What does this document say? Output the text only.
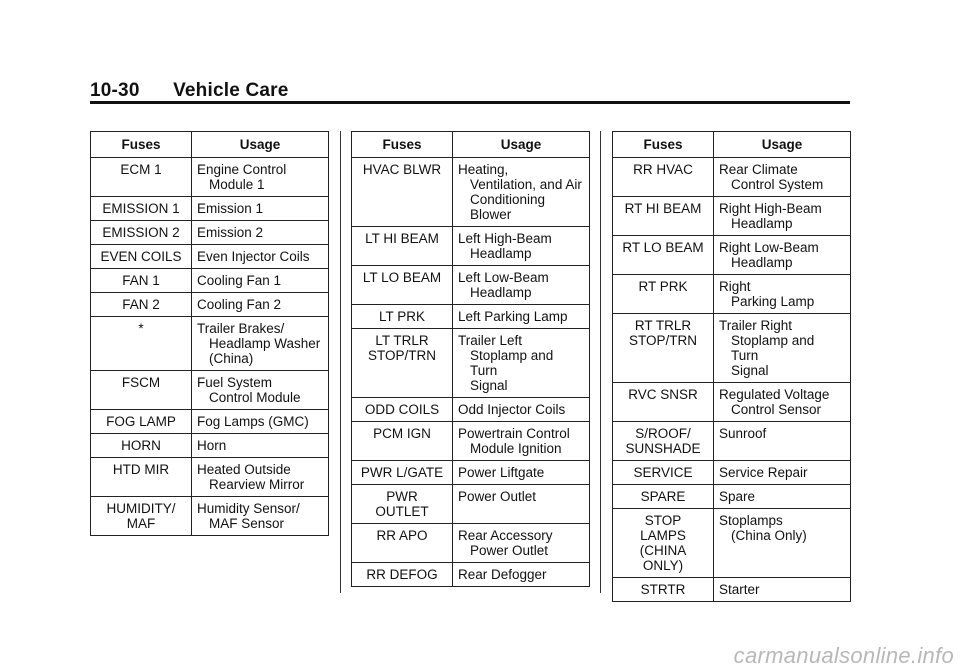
10-30 Vehicle Care
Fuses	Usage

ECM 1	Engine Control
Module 1

EMISSION 1	Emission 1

EMISSION 2	Emission 2

EVEN COILS	Even Injector Coils

FAN 1	Cooling Fan 1

FAN 2	Cooling Fan 2

*	Trailer Brakes/
Headlamp Washer
(China)

FSCM	Fuel System
Control Module

FOG LAMP	Fog Lamps (GMC)

HORN	Horn

HTD MIR	Heated Outside
Rearview Mirror

HUMIDITY/
MAF	Humidity Sensor/
MAF Sensor
Fuses	Usage

HVAC BLWR	Heating,
Ventilation, and Air
Conditioning
Blower

LT HI BEAM	Left High-Beam
Headlamp

LT LO BEAM	Left Low-Beam
Headlamp

LT PRK	Left Parking Lamp

LT TRLR
STOP/TRN	Trailer Left
Stoplamp and Turn
Signal

ODD COILS	Odd Injector Coils

PCM IGN	Powertrain Control
Module Ignition

PWR L/GATE	Power Liftgate

PWR
OUTLET	Power Outlet

RR APO	Rear Accessory
Power Outlet

RR DEFOG	Rear Defogger
Fuses	Usage

RR HVAC	Rear Climate
Control System

RT HI BEAM	Right High-Beam
Headlamp

RT LO BEAM	Right Low-Beam
Headlamp

RT PRK	Right
Parking Lamp

RT TRLR
STOP/TRN	Trailer Right
Stoplamp and Turn
Signal

RVC SNSR	Regulated Voltage
Control Sensor

S/ROOF/
SUNSHADE	Sunroof

SERVICE	Service Repair

SPARE	Spare

STOP
LAMPS
(CHINA
ONLY)	Stoplamps
(China Only)

STRTR	Starter
carmanualsonline.info
